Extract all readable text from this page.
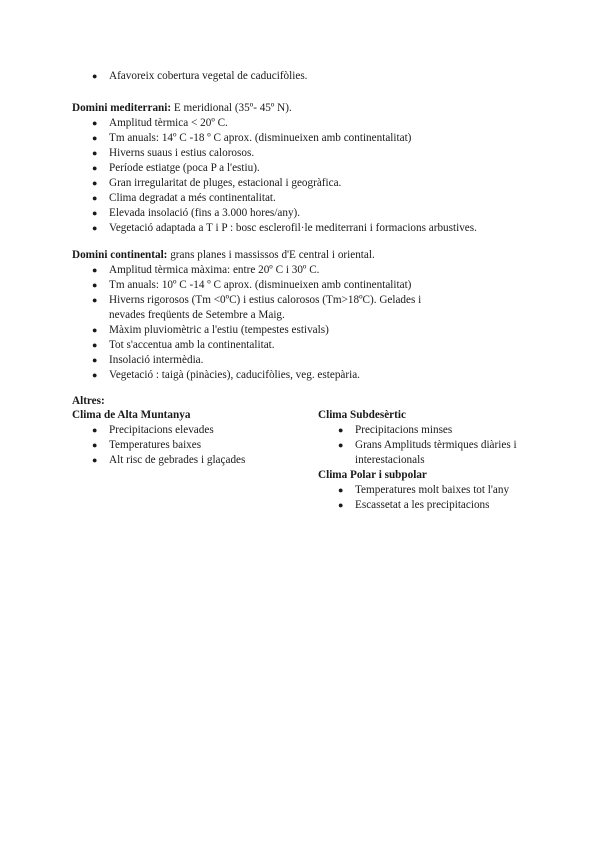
● Afavoreix cobertura vegetal de caducifòlies.

Domini mediterrani: E meridional (35º- 45º N).

● Amplitud tèrmica < 20º C.
● Tm anuals: 14º C -18 º C aprox. (disminueixen amb continentalitat)
● Hiverns suaus i estius calorosos.
● Període estiatge (poca P a l'estiu).
● Gran irregularitat de pluges, estacional i geogràfica.
● Clima degradat a més continentalitat.
● Elevada insolació (fins a 3.000 hores/any).
● Vegetació adaptada a T i P : bosc esclerofil·le mediterrani i formacions arbustives.

Domini continental: grans planes i massissos d'E central i oriental.

● Amplitud tèrmica màxima: entre 20º C i 30º C.
● Tm anuals: 10º C -14 º C aprox. (disminueixen amb continentalitat)
● Hiverns rigorosos (Tm <0ºC) i estius calorosos (Tm>18ºC). Gelades i nevades freqüents de Setembre a Maig.
● Màxim pluviomètric a l'estiu (tempestes estivals)
● Tot s'accentua amb la continentalitat.
● Insolació intermèdia.
● Vegetació : taigà (pinàcies), caducifòlies, veg. estepària.

Altres:

Clima de Alta Muntanya

● Precipitacions elevades
● Temperatures baixes
● Alt risc de gebrades i glaçades

Clima Subdesèrtic

● Precipitacions minses
● Grans Amplituds tèrmiques diàries i interestacionals

Clima Polar i subpolar

● Temperatures molt baixes tot l'any
● Escassetat a les precipitacions
